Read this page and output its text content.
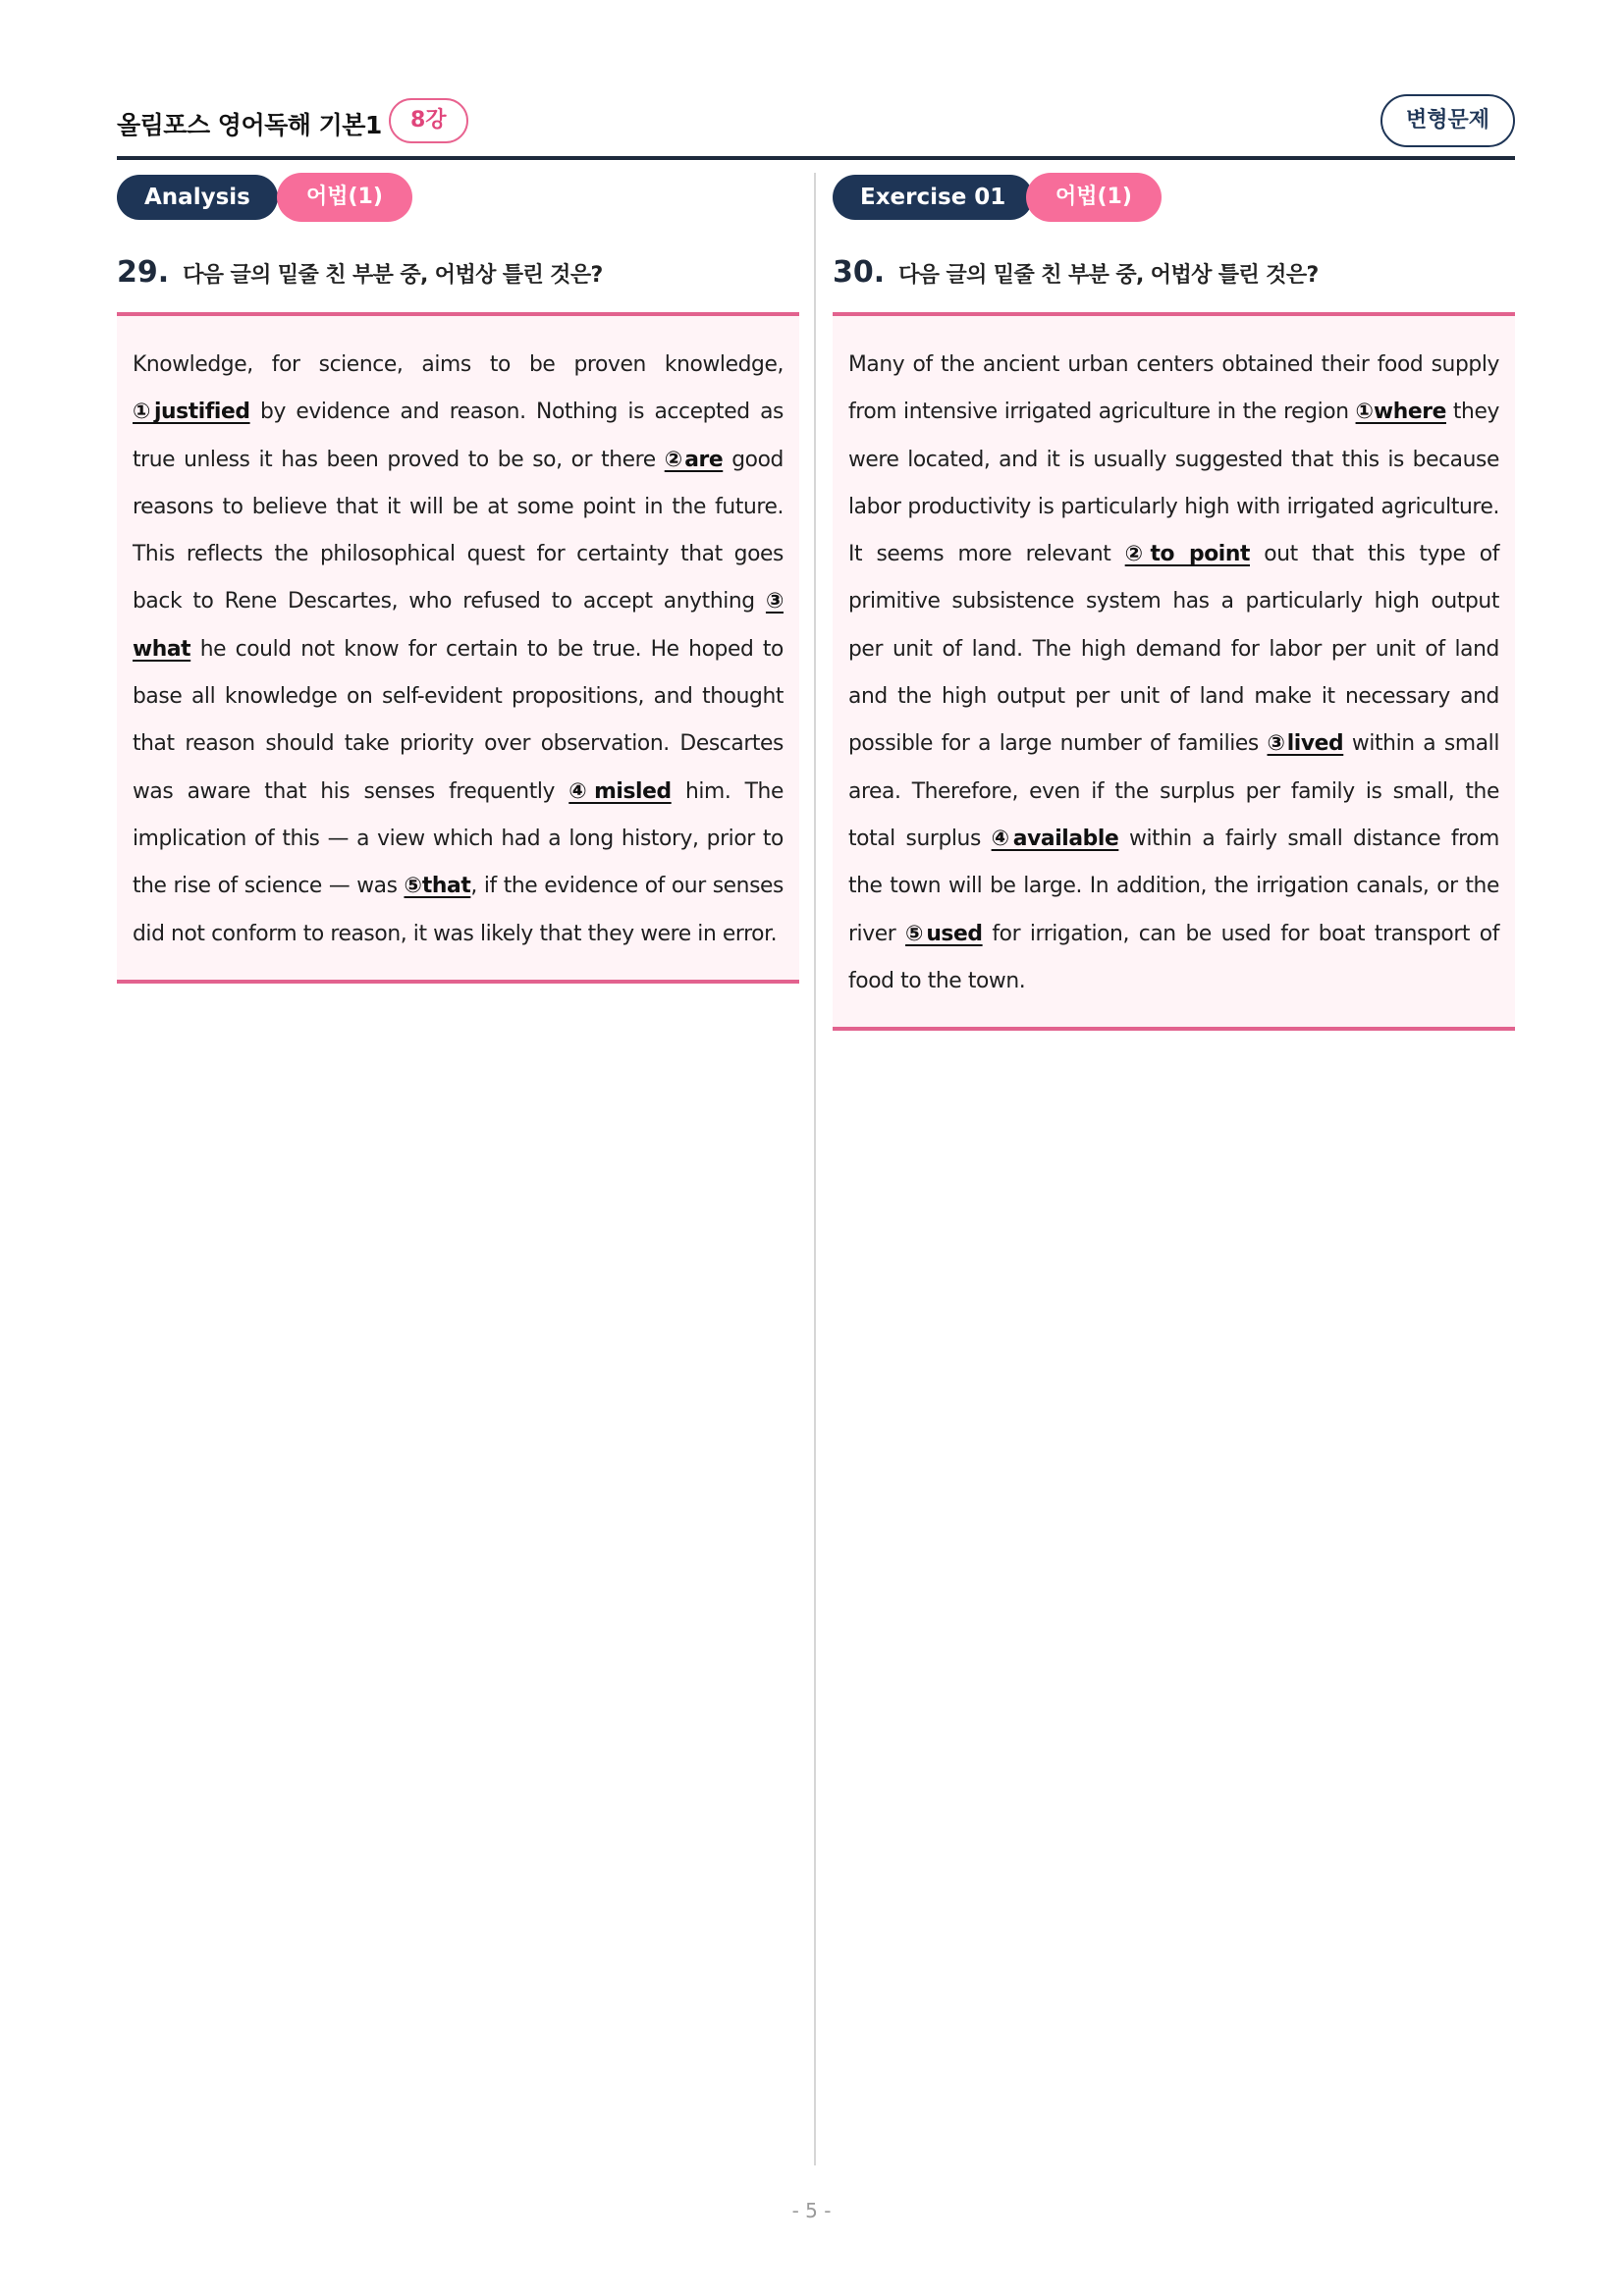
올림포스 영어독해 기본1	8강	변형문제
Analysis	어법(1)
29. 다음 글의 밑줄 친 부분 중, 어법상 틀린 것은?

Knowledge, for science, aims to be proven knowledge, ①justified by evidence and reason. Nothing is accepted as true unless it has been proved to be so, or there ②are good reasons to believe that it will be at some point in the future. This reflects the philosophical quest for certainty that goes back to Rene Descartes, who refused to accept anything ③ what he could not know for certain to be true. He hoped to base all knowledge on self-evident propositions, and thought that reason should take priority over observation. Descartes was aware that his senses frequently ④misled him. The implication of this — a view which had a long history, prior to the rise of science — was ⑤that, if the evidence of our senses did not conform to reason, it was likely that they were in error.

Exercise 01	어법(1)
30. 다음 글의 밑줄 친 부분 중, 어법상 틀린 것은?

Many of the ancient urban centers obtained their food supply from intensive irrigated agriculture in the region ①where they were located, and it is usually suggested that this is because labor productivity is particularly high with irrigated agriculture. It seems more relevant ②to point out that this type of primitive subsistence system has a particularly high output per unit of land. The high demand for labor per unit of land and the high output per unit of land make it necessary and possible for a large number of families ③lived within a small area. Therefore, even if the surplus per family is small, the total surplus ④available within a fairly small distance from the town will be large. In addition, the irrigation canals, or the river ⑤used for irrigation, can be used for boat transport of food to the town.

- 5 -
